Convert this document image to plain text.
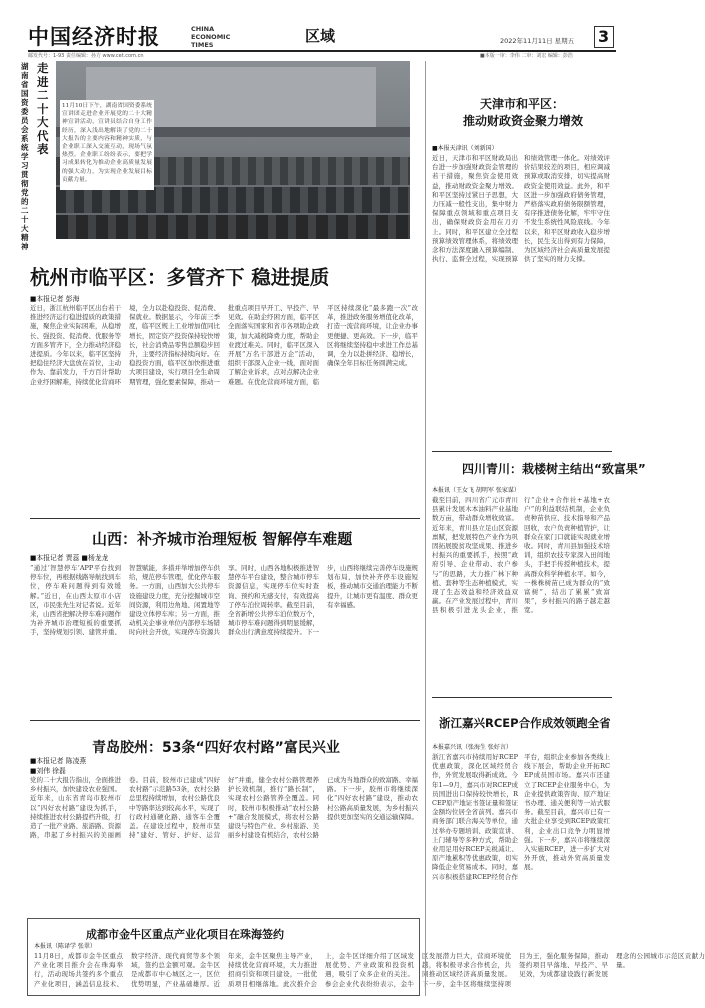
中国经济时报	CHINA
ECONOMIC
TIMES	区域	2022年11月11日 星期五 3
邮发代号：1-93 责任编辑：孙方 www.cet.com.cn	■本版一审：李伟 二审：刘宏 编辑：彭浩
走进二十大代表
湖南省国资委员会系统 学习贯彻党的二十大精神
11月10日下午，湖南省国资委系统宣讲团走进企业开展党的二十大精神宣讲活动，宣讲员结合自身工作经历，深入浅出地解读了党的二十大报告的主要内容和精神实质，与企业职工深入交流互动，现场气氛热烈。企业职工纷纷表示，要把学习成果转化为推动企业高质量发展的强大动力，为实现企业发展目标贡献力量。
杭州市临平区：多管齐下 稳进提质
■本报记者 彭海
近日，浙江杭州临平区出台若干推进经济运行稳进提质的政策措施，聚焦企业实际困难，从稳增长、强投资、促消费、优服务等方面多管齐下，全力推动经济稳进提质。今年以来，临平区坚持把稳住经济大盘放在首位，主动作为、靠前发力，千方百计帮助企业纾困解难，持续优化营商环境，全力以赴稳投资、促消费、保就业。数据显示，今年前三季度，临平区规上工业增加值同比增长，固定资产投资保持较快增长，社会消费品零售总额稳步回升，主要经济指标持续向好。在稳投资方面，临平区加快推进重大项目建设，实行项目全生命周期管理，强化要素保障，推动一批重点项目早开工、早投产、早见效。在助企纾困方面，临平区全面落实国家和省市各项助企政策，加大减税降费力度，帮助企业渡过难关。同时，临平区深入开展“万名干部进万企”活动，组织干部深入企业一线，面对面了解企业诉求，点对点解决企业难题。在优化营商环境方面，临平区持续深化“最多跑一次”改革，推进政务服务增值化改革，打造一流营商环境，让企业办事更便捷、更高效。下一步，临平区将继续坚持稳中求进工作总基调，全力以赴拼经济、稳增长，确保全年目标任务圆满完成。
天津市和平区：
推动财政资金聚力增效
■本报天津讯（刘新国）
近日，天津市和平区财政局出台进一步加强财政资金管理的若干措施，聚焦资金使用效益，推动财政资金聚力增效。和平区坚持过紧日子思想，大力压减一般性支出，集中财力保障重点领域和重点项目支出，确保财政资金用在刀刃上。同时，和平区建立全过程预算绩效管理体系，将绩效理念和方法深度融入预算编制、执行、监督全过程，实现预算和绩效管理一体化。对绩效评价结果较差的项目，相应调减预算或取消安排，切实提高财政资金使用效益。此外，和平区进一步加强政府债务管理，严格落实政府债务限额管理，有序推进债务化解，牢牢守住不发生系统性风险底线。今年以来，和平区财政收入稳步增长，民生支出得到有力保障，为区域经济社会高质量发展提供了坚实的财力支撑。
四川青川：栽楼树主结出“致富果”
本报讯（王女飞 胡明军 张家谋）
截至目前，四川省广元市青川县累计发展木本油料产业基地数万亩，带动群众增收致富。近年来，青川县立足山区资源禀赋，把发展特色产业作为巩固拓展脱贫攻坚成果、推进乡村振兴的重要抓手，按照“政府引导、企业带动、农户参与”的思路，大力推广林下种植、套种等生态种植模式，实现了生态效益和经济效益双赢。在产业发展过程中，青川县积极引进龙头企业，推行“企业+合作社+基地+农户”的利益联结机制，企业负责种苗供应、技术指导和产品回收，农户负责种植管护，让群众在家门口就能实现就业增收。同时，青川县加强技术培训，组织农技专家深入田间地头，手把手传授种植技术，提高群众科学种植水平。如今，一株株树苗已成为群众的“致富树”，结出了累累“致富果”，乡村振兴的路子越走越宽。
山西：补齐城市治理短板 智解停车难题
■本报记者 贾蕊 ■杨龙龙
“通过‘智慧停车’APP平台找到停车位，再根据线路导航找到车位，停车难问题得到有效缓解。”近日，在山西太原市小店区，市民张先生对记者说。近年来，山西省把解决停车难问题作为补齐城市治理短板的重要抓手，坚持规划引领、建管并重、智慧赋能，多措并举增加停车供给，规范停车管理，优化停车服务。一方面，山西加大公共停车设施建设力度，充分挖掘城市空间资源，利用边角地、闲置地等建设立体停车库；另一方面，推动机关企事业单位内部停车场错时向社会开放，实现停车资源共享。同时，山西各地积极推进智慧停车平台建设，整合城市停车资源信息，实现停车位实时查询、预约和无感支付，有效提高了停车泊位周转率。截至目前，全省新增公共停车泊位数万个，城市停车难问题得到明显缓解，群众出行满意度持续提升。下一步，山西将继续完善停车设施规划布局，加快补齐停车设施短板，推动城市交通治理能力不断提升，让城市更有温度、群众更有幸福感。
青岛胶州：53条“四好农村路”富民兴业
■本报记者 陈凌燕
■刘伟 徐磊
党的二十大报告指出，全面推进乡村振兴，加快建设农业强国。近年来，山东省青岛市胶州市以“四好农村路”建设为抓手，持续推进农村公路提档升级，打造了一批产业路、旅游路、资源路，串起了乡村振兴的美丽画卷。目前，胶州市已建成“四好农村路”示范路53条，农村公路总里程持续增加，农村公路优良中等路率达到较高水平，实现了行政村通硬化路、通客车全覆盖。在建设过程中，胶州市坚持“建好、管好、护好、运营好”并重，健全农村公路管理养护长效机制，推行“路长制”，实现农村公路管养全覆盖。同时，胶州市积极推动“农村公路+”融合发展模式，将农村公路建设与特色产业、乡村旅游、美丽乡村建设有机结合，农村公路已成为当地群众的致富路、幸福路。下一步，胶州市将继续深化“四好农村路”建设，推动农村公路高质量发展，为乡村振兴提供更加坚实的交通运输保障。
浙江嘉兴RCEP合作成效领跑全省
本报嘉兴讯（张海生 张好言）
浙江省嘉兴市持续用好RCEP优惠政策，深化区域经贸合作，外贸发展取得新成效。今年1—9月，嘉兴市对RCEP成员国进出口保持较快增长，RCEP原产地证书签证量和签证金额均位居全省前列。嘉兴市商务部门联合海关等单位，通过举办专题培训、政策宣讲、上门辅导等多种方式，帮助企业用足用好RCEP关税减让、原产地累积等优惠政策，切实降低企业贸易成本。同时，嘉兴市积极搭建RCEP经贸合作平台，组织企业参加各类线上线下展会，帮助企业开拓RCEP成员国市场。嘉兴市还建立了RCEP企业服务中心，为企业提供政策咨询、原产地证书办理、通关便利等一站式服务。截至目前，嘉兴市已有一大批企业享受到RCEP政策红利，企业出口竞争力明显增强。下一步，嘉兴市将继续深入实施RCEP，进一步扩大对外开放，推动外贸高质量发展。
成都市金牛区重点产业化项目在珠海签约
本报讯（陈译学 张翠）
11月8日，成都市金牛区重点产业化项目推介会在珠海举行，活动现场共签约多个重点产业化项目，涵盖信息技术、数字经济、现代商贸等多个领域，签约总金额可观。金牛区是成都市中心城区之一，区位优势明显，产业基础雄厚。近年来，金牛区聚焦主导产业，持续优化营商环境，大力推进招商引资和项目建设，一批优质项目相继落地。此次推介会上，金牛区详细介绍了区域发展优势、产业政策和投资机遇，吸引了众多企业的关注。参会企业代表纷纷表示，金牛区发展潜力巨大，营商环境优越，将积极寻求合作机会，共同推动区域经济高质量发展。下一步，金牛区将继续坚持项目为王，强化服务保障，推动签约项目早落地、早投产、早见效，为成都建设践行新发展理念的公园城市示范区贡献力量。
